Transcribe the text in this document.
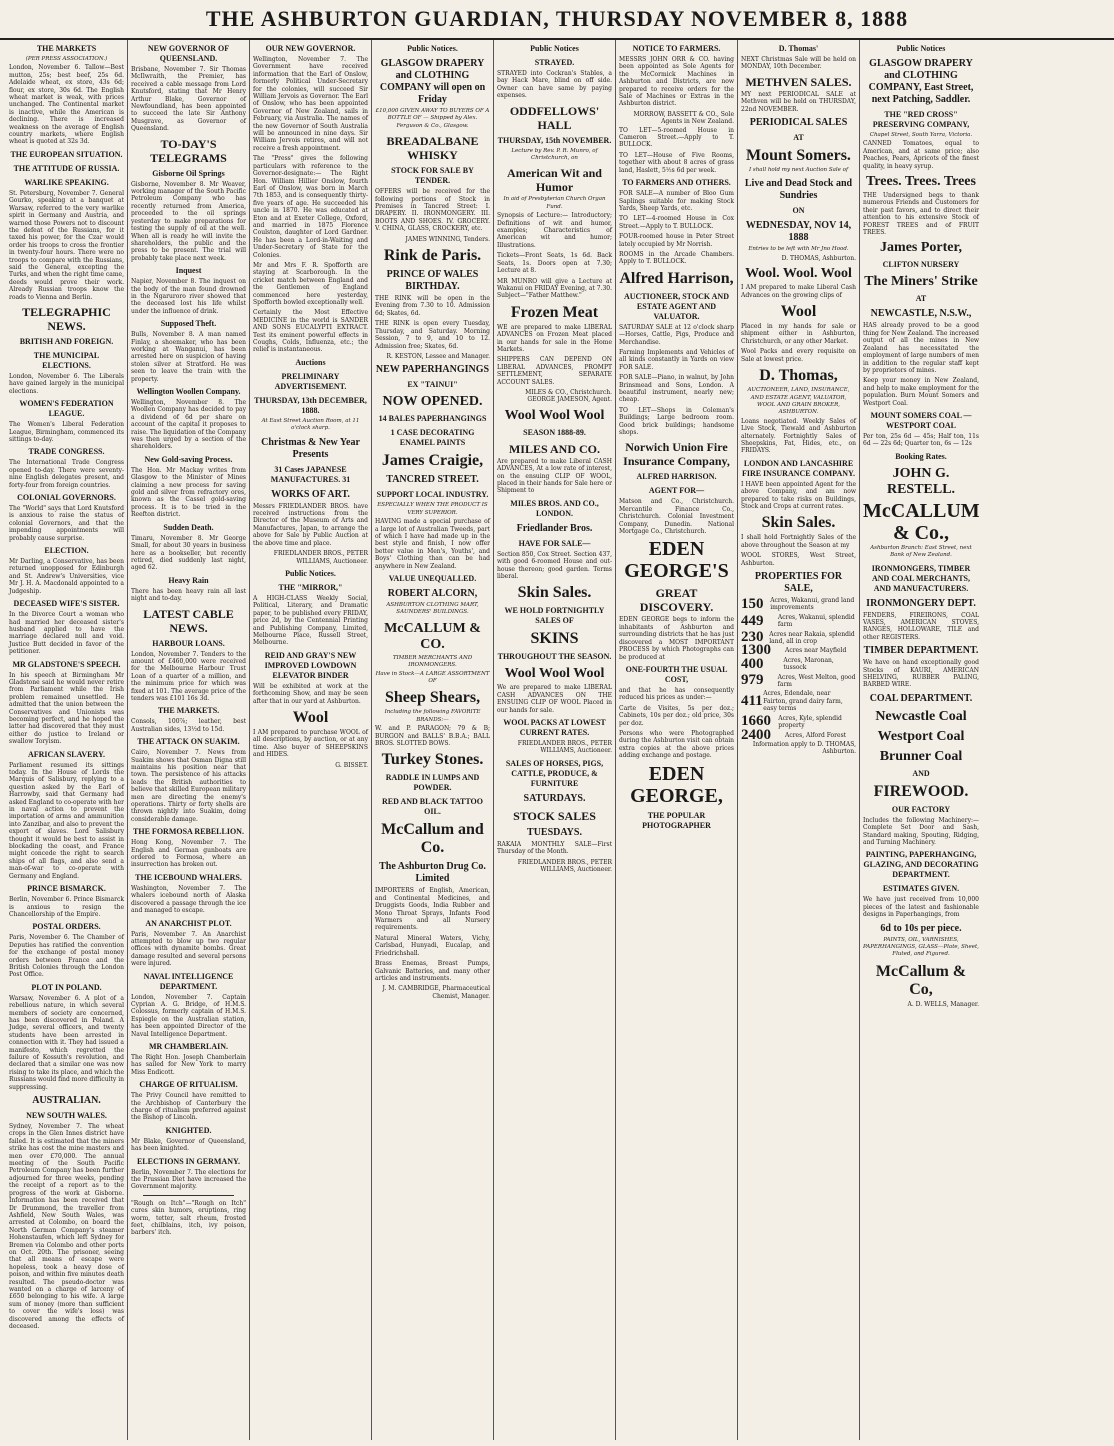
THE ASHBURTON GUARDIAN, THURSDAY NOVEMBER 8, 1888
THE MARKETS
(PER PRESS ASSOCIATION.)
London, November 6. Tallow—Best mutton, 25s; best beef, 25s 6d. Adelaide wheat, ex store, 43s 6d; flour, ex store, 30s 6d. The English wheat market is weak, with prices unchanged. The Continental market is inactive, while the American is declining. There is increased weakness on the average of English country markets, where English wheat is quoted at 32s 3d.
THE EUROPEAN SITUATION.
THE ATTITUDE OF RUSSIA.
WARLIKE SPEAKING.
St. Petersburg, November 7. General Gourko, speaking at a banquet at Warsaw, referred to the very warlike spirit in Germany and Austria, and warned those Powers not to discount the defeat of the Russians, for it taxed his power, for the Czar would order his troops to cross the frontier in twenty-four hours. There were no troops to compare with the Russians, said the General, excepting the Turks, and when the right time came, deeds would prove their work. Already Russian troops know the roads to Vienna and Berlin.
TELEGRAPHIC NEWS.
BRITISH AND FOREIGN.
THE MUNICIPAL ELECTIONS.
London, November 6. The Liberals have gained largely in the municipal elections.
WOMEN'S FEDERATION LEAGUE.
The Women's Liberal Federation League, Birmingham, commenced its sittings to-day.
TRADE CONGRESS.
The International Trade Congress opened to-day. There were seventy-nine English delegates present, and forty-four from foreign countries.
COLONIAL GOVERNORS.
The "World" says that Lord Knutsford is anxious to raise the status of colonial Governors, and that the impending appointments will probably cause surprise.
ELECTION.
Mr Darling, a Conservative, has been returned unopposed for Edinburgh and St. Andrew's Universities, vice Mr J. H. A. Macdonald appointed to a Judgeship.
DECEASED WIFE'S SISTER.
In the Divorce Court a woman who had married her deceased sister's husband applied to have the marriage declared null and void. Justice Butt decided in favor of the petitioner.
MR GLADSTONE'S SPEECH.
In his speech at Birmingham Mr Gladstone said he would never retire from Parliament while the Irish problem remained unsettled. He admitted that the union between the Conservatives and Unionists was becoming perfect, and he hoped the latter had discovered that they must either do justice to Ireland or swallow Toryism.
AFRICAN SLAVERY.
Parliament resumed its sittings today. In the House of Lords the Marquis of Salisbury, replying to a question asked by the Earl of Harrowby, said that Germany had asked England to co-operate with her in naval action to prevent the importation of arms and ammunition into Zanzibar, and also to prevent the export of slaves. Lord Salisbury thought it would be best to assist in blockading the coast, and France might concede the right to search ships of all flags, and also send a man-of-war to co-operate with Germany and England.
PRINCE BISMARCK.
Berlin, November 6. Prince Bismarck is anxious to resign the Chancellorship of the Empire.
POSTAL ORDERS.
Paris, November 6. The Chamber of Deputies has ratified the convention for the exchange of postal money orders between France and the British Colonies through the London Post Office.
PLOT IN POLAND.
Warsaw, November 6. A plot of a rebellious nature, in which several members of society are concerned, has been discovered in Poland. A Judge, several officers, and twenty students have been arrested in connection with it. They had issued a manifesto, which regretted the failure of Kossuth's revolution, and declared that a similar one was now rising to take its place, and which the Russians would find more difficulty in suppressing.
AUSTRALIAN.
NEW SOUTH WALES.
Sydney, November 7. The wheat crops in the Glen Innes district have failed. It is estimated that the miners strike has cost the mine masters and men over £70,000. The annual meeting of the South Pacific Petroleum Company has been further adjourned for three weeks, pending the receipt of a report as to the progress of the work at Gisborne. Information has been received that Dr Drummond, the traveller from Ashfield, New South Wales, was arrested at Colombo, on board the North German Company's steamer Hohenstaufen, which left Sydney for Bremen via Colombo and other ports on Oct. 20th. The prisoner, seeing that all means of escape were hopeless, took a heavy dose of poison, and within five minutes death resulted. The pseudo-doctor was wanted on a charge of larceny of £650 belonging to his wife. A large sum of money (more than sufficient to cover the wife's loss) was discovered among the effects of deceased.
NEW GOVERNOR OF QUEENSLAND.
Brisbane, November 7. Sir Thomas McIlwraith, the Premier, has received a cable message from Lord Knutsford, stating that Mr Henry Arthur Blake, Governor of Newfoundland, has been appointed to succeed the late Sir Anthony Musgrave, as Governor of Queensland.
TO-DAY'S TELEGRAMS
Gisborne Oil Springs
Gisborne, November 8. Mr Weaver, working manager of the South Pacific Petroleum Company who has recently returned from America, proceeded to the oil springs yesterday to make preparations for testing the supply of oil at the well. When all is ready he will invite the shareholders, the public and the press to be present. The trial will probably take place next week.
Inquest
Napier, November 8. The inquest on the body of the man found drowned in the Ngaruroro river showed that the deceased lost his life whilst under the influence of drink.
Supposed Theft.
Bulls, November 8. A man named Finlay, a shoemaker, who has been working at Wanganui, has been arrested here on suspicion of having stolen silver at Stratford. He was seen to leave the train with the property.
Wellington Woollen Company.
Wellington, November 8. The Woollen Company has decided to pay a dividend of 6d per share on account of the capital it proposes to raise. The liquidation of the Company was then urged by a section of the shareholders.
New Gold-saving Process.
The Hon. Mr Mackay writes from Glasgow to the Minister of Mines claiming a new process for saving gold and silver from refractory ores, known as the Cassel gold-saving process. It is to be tried in the Reefton district.
Sudden Death.
Timaru, November 8. Mr George Small, for about 30 years in business here as a bookseller, but recently retired, died suddenly last night, aged 62.
Heavy Rain
There has been heavy rain all last night and to-day.
LATEST CABLE NEWS.
HARBOUR LOANS.
London, November 7. Tenders to the amount of £460,000 were received for the Melbourne Harbour Trust Loan of a quarter of a million, and the minimum price for which was fixed at 101. The average price of the tenders was £101 16s 3d.
THE MARKETS.
Consols, 100⅞; leather, best Australian sides, 13½d to 15d.
THE ATTACK ON SUAKIM.
Cairo, November 7. News from Suakim shows that Osman Digna still maintains his position near that town. The persistence of his attacks leads the British authorities to believe that skilled European military men are directing the enemy's operations. Thirty or forty shells are thrown nightly into Suakim, doing considerable damage.
THE FORMOSA REBELLION.
Hong Kong, November 7. The English and German gunboats are ordered to Formosa, where an insurrection has broken out.
THE ICEBOUND WHALERS.
Washington, November 7. The whalers icebound north of Alaska discovered a passage through the ice and managed to escape.
AN ANARCHIST PLOT.
Paris, November 7. An Anarchist attempted to blow up two regular offices with dynamite bombs. Great damage resulted and several persons were injured.
NAVAL INTELLIGENCE DEPARTMENT.
London, November 7. Captain Cyprian A. G. Bridge, of H.M.S. Colossus, formerly captain of H.M.S. Espiegle on the Australian station, has been appointed Director of the Naval Intelligence Department.
MR CHAMBERLAIN.
The Right Hon. Joseph Chamberlain has sailed for New York to marry Miss Endicott.
CHARGE OF RITUALISM.
The Privy Council have remitted to the Archbishop of Canterbury the charge of ritualism preferred against the Bishop of Lincoln.
KNIGHTED.
Mr Blake, Governor of Queensland, has been knighted.
ELECTIONS IN GERMANY.
Berlin, November 7. The elections for the Prussian Diet have increased the Government majority.
"Rough on Itch"—"Rough on Itch" cures skin humors, eruptions, ring worm, tetter, salt rheum, frosted feet, chilblains, itch, ivy poison, barbers' itch.
OUR NEW GOVERNOR.
Wellington, November 7. The Government have received information that the Earl of Onslow, formerly Political Under-Secretary for the colonies, will succeed Sir William Jervois as Governor. The Earl of Onslow, who has been appointed Governor of New Zealand, sails in February, via Australia. The names of the new Governor of South Australia will be announced in nine days. Sir William Jervois retires, and will not receive a fresh appointment.
The "Press" gives the following particulars with reference to the Governor-designate:— The Right Hon. William Hillier Onslow, fourth Earl of Onslow, was born in March 7th 1853, and is consequently thirty-five years of age. He succeeded his uncle in 1870. He was educated at Eton and at Exeter College, Oxford, and married in 1875 Florence Coulston, daughter of Lord Gardner. He has been a Lord-in-Waiting and Under-Secretary of State for the Colonies.
Mr and Mrs F. R. Spofforth are staying at Scarborough. In the cricket match between England and the Gentlemen of England commenced here yesterday, Spofforth bowled exceptionally well.
Certainly the Most Effective MEDICINE in the world is SANDER AND SONS EUCALYPTI EXTRACT. Test its eminent powerful effects in Coughs, Colds, Influenza, etc.; the relief is instantaneous.
Auctions
PRELIMINARY ADVERTISEMENT.
THURSDAY, 13th DECEMBER, 1888.
At East Street Auction Room, at 11 o'clock sharp.
Christmas & New Year Presents
31 Cases JAPANESE MANUFACTURES. 31
WORKS OF ART.
Messrs FRIEDLANDER BROS. have received instructions from the Director of the Museum of Arts and Manufactures, Japan, to arrange the above for Sale by Public Auction at the above time and place.
FRIEDLANDER BROS., PETER WILLIAMS, Auctioneer.
Public Notices.
THE "MIRROR,"
A HIGH-CLASS Weekly Social, Political, Literary, and Dramatic paper, to be published every FRIDAY, price 2d, by the Centennial Printing and Publishing Company, Limited, Melbourne Place, Russell Street, Melbourne.
REID AND GRAY'S NEW IMPROVED LOWDOWN ELEVATOR BINDER
Will be exhibited at work at the forthcoming Show, and may be seen after that in our yard at Ashburton.
Wool
I AM prepared to purchase WOOL of all descriptions, by auction, or at any time. Also buyer of SHEEPSKINS and HIDES.
G. BISSET.
Public Notices.
GLASGOW DRAPERY and CLOTHING COMPANY will open on Friday
£10,000 GIVEN AWAY TO BUYERS OF A BOTTLE OF — Shipped by Alex. Ferguson & Co., Glasgow.
BREADALBANE WHISKY
STOCK FOR SALE BY TENDER.
OFFERS will be received for the following portions of Stock in Premises in Tancred Street: I. DRAPERY. II. IRONMONGERY. III. BOOTS AND SHOES. IV. GROCERY. V. CHINA, GLASS, CROCKERY, etc.
JAMES WINNING, Tenders.
Rink de Paris.
PRINCE OF WALES BIRTHDAY.
THE RINK will be open in the Evening from 7.30 to 10. Admission 6d; Skates, 6d.
THE RINK is open every Tuesday, Thursday, and Saturday. Morning Session, 7 to 9, and 10 to 12. Admission free; Skates, 6d.
R. KESTON, Lessee and Manager.
NEW PAPERHANGINGS
EX "TAINUI"
NOW OPENED.
14 BALES PAPERHANGINGS
1 CASE DECORATING ENAMEL PAINTS
James Craigie,
TANCRED STREET.
SUPPORT LOCAL INDUSTRY.
ESPECIALLY WHEN THE PRODUCT IS VERY SUPERIOR.
HAVING made a special purchase of a large lot of Australian Tweeds, part of which I have had made up in the best style and finish, I now offer better value in Men's, Youths', and Boys' Clothing than can be had anywhere in New Zealand.
VALUE UNEQUALLED.
ROBERT ALCORN,
ASHBURTON CLOTHING MART, SAUNDERS' BUILDINGS.
McCALLUM & CO.
TIMBER MERCHANTS AND IRONMONGERS.
Have in Stock—A LARGE ASSORTMENT OF
Sheep Shears,
Including the following FAVORITE BRANDS:—
W. and P. PARAGON; 79 & B; BURGON and BALLS' B.B.A.; BALL BROS. SLOTTED BOWS.
Turkey Stones.
RADDLE IN LUMPS AND POWDER.
RED AND BLACK TATTOO OIL.
McCallum and Co.
The Ashburton Drug Co. Limited
IMPORTERS of English, American, and Continental Medicines, and Druggists Goods, India Rubber and Mono Throat Sprays, Infants Food Warmers and all Nursery requirements.
Natural Mineral Waters, Vichy, Carlsbad, Hunyadi, Eucalap, and Friedrichshall.
Brass Enemas, Breast Pumps, Galvanic Batteries, and many other articles and instruments.
J. M. CAMBRIDGE, Pharmaceutical Chemist, Manager.
Public Notices
STRAYED.
STRAYED into Cockran's Stables, a bay Hack Mare, blind on off side. Owner can have same by paying expenses.
ODDFELLOWS' HALL
THURSDAY, 15th NOVEMBER.
Lecture by Rev. P. R. Munro, of Christchurch, on
American Wit and Humor
In aid of Presbyterian Church Organ Fund.
Synopsis of Lecture:— Introductory; Definitions of wit and humor, examples; Characteristics of American wit and humor; Illustrations.
Tickets—Front Seats, 1s 6d. Back Seats, 1s. Doors open at 7.30; Lecture at 8.
MR MUNRO will give a Lecture at Wakanui on FRIDAY Evening, at 7.30. Subject—"Father Matthew."
Frozen Meat
WE are prepared to make LIBERAL ADVANCES on Frozen Meat placed in our hands for sale in the Home Markets.
SHIPPERS CAN DEPEND ON LIBERAL ADVANCES, PROMPT SETTLEMENT, SEPARATE ACCOUNT SALES.
MILES & CO., Christchurch. GEORGE JAMESON, Agent.
Wool Wool Wool
SEASON 1888-89.
MILES AND CO.
Are prepared to make Liberal CASH ADVANCES, At a low rate of interest, on the ensuing CLIP OF WOOL, placed in their hands for Sale here or Shipment to
MILES BROS. AND CO., LONDON.
Friedlander Bros.
HAVE FOR SALE—
Section 850, Cox Street. Section 437, with good 6-roomed House and out-house thereon; good garden. Terms liberal.
Skin Sales.
WE HOLD FORTNIGHTLY SALES OF
SKINS
THROUGHOUT THE SEASON.
Wool Wool Wool
We are prepared to make LIBERAL CASH ADVANCES ON THE ENSUING CLIP OF WOOL Placed in our hands for sale.
WOOL PACKS AT LOWEST CURRENT RATES.
FRIEDLANDER BROS., PETER WILLIAMS, Auctioneer.
SALES OF HORSES, PIGS, CATTLE, PRODUCE, & FURNITURE
SATURDAYS.
STOCK SALES
TUESDAYS.
RAKAIA MONTHLY SALE—First Thursday of the Month.
FRIEDLANDER BROS., PETER WILLIAMS, Auctioneer.
NOTICE TO FARMERS.
MESSRS JOHN ORR & CO. having been appointed as Sole Agents for the McCormick Machines in Ashburton and Districts, are now prepared to receive orders for the Sale of Machines or Extras in the Ashburton district.
MORROW, BASSETT & CO., Sole Agents in New Zealand.
TO LET—5-roomed House in Cameron Street.—Apply to T. BULLOCK.
TO LET—House of Five Rooms, together with about 8 acres of grass land, Haslett, 5½s 6d per week.
TO FARMERS AND OTHERS.
FOR SALE—A number of Bloo Gum Saplings suitable for making Stock Yards, Sheep Yards, etc.
TO LET—4-roomed House in Cox Street.—Apply to T. BULLOCK.
FOUR-roomed house in Peter Street lately occupied by Mr Norrish.
ROOMS in the Arcade Chambers. Apply to T. BULLOCK.
Alfred Harrison,
AUCTIONEER, STOCK AND ESTATE AGENT AND VALUATOR.
SATURDAY SALE at 12 o'clock sharp—Horses, Cattle, Pigs, Produce and Merchandise.
Farming Implements and Vehicles of all kinds constantly in Yards on view FOR SALE.
FOR SALE—Piano, in walnut, by John Brinsmead and Sons, London. A beautiful instrument, nearly new; cheap.
TO LET—Shops in Coleman's Buildings; Large bedroom room. Good brick buildings; handsome shops.
Norwich Union Fire Insurance Company,
ALFRED HARRISON.
AGENT FOR—
Matson and Co., Christchurch. Mercantile Finance Co., Christchurch. Colonial Investment Company, Dunedin. National Mortgage Co., Christchurch.
EDEN GEORGE'S
GREAT DISCOVERY.
EDEN GEORGE begs to inform the inhabitants of Ashburton and surrounding districts that he has just discovered a MOST IMPORTANT PROCESS by which Photographs can be produced at
ONE-FOURTH THE USUAL COST,
and that he has consequently reduced his prices as under:—
Carte de Visites, 5s per doz.; Cabinets, 10s per doz.; old price, 30s per doz.
Persons who were Photographed during the Ashburton visit can obtain extra copies at the above prices adding exchange and postage.
EDEN GEORGE,
THE POPULAR PHOTOGRAPHER
D. Thomas'
NEXT Christmas Sale will be held on MONDAY, 10th December.
METHVEN SALES.
MY next PERIODICAL SALE at Methven will be held on THURSDAY, 22nd NOVEMBER.
PERIODICAL SALES
AT
Mount Somers.
I shall hold my next Auction Sale of
Live and Dead Stock and Sundries
ON
WEDNESDAY, NOV 14, 1888
Entries to be left with Mr Jno Hood.
D. THOMAS, Ashburton.
Wool. Wool. Wool
I AM prepared to make Liberal Cash Advances on the growing clips of
Wool
Placed in my hands for sale or shipment either in Ashburton, Christchurch, or any other Market.
Wool Packs and every requisite on Sale at lowest price.
D. Thomas,
AUCTIONEER, LAND, INSURANCE, AND ESTATE AGENT, VALUATOR, WOOL AND GRAIN BROKER, ASHBURTON.
Loans negotiated. Weekly Sales of Live Stock, Tiewald and Ashburton alternately. Fortnightly Sales of Sheepskins, Fat, Hides, etc., on FRIDAYS.
LONDON AND LANCASHIRE FIRE INSURANCE COMPANY.
I HAVE been appointed Agent for the above Company, and am now prepared to take risks on Buildings, Stock and Crops at current rates.
Skin Sales.
I shall hold Fortnightly Sales of the above throughout the Season at my
WOOL STORES, West Street, Ashburton.
PROPERTIES FOR SALE,
150	Acres, Wakanui, grand land improvements
449	Acres, Wakanui, splendid farm
230 Acres near Rakaia, splendid land, all in crop
1300	Acres near Mayfield
400	Acres, Maronan, tussock
979	Acres, West Melton, good farm
411 Acres, Edendale, near Fairton, grand dairy farm, easy terms
1660	Acres, Kyle, splendid property
2400	Acres, Alford Forest
Information apply to D. THOMAS, Ashburton.
Public Notices
GLASGOW DRAPERY and CLOTHING COMPANY, East Street, next Patching, Saddler.
THE "RED CROSS" PRESERVING COMPANY,
Chapel Street, South Yarra, Victoria.
CANNED Tomatoes, equal to American, and at same price; also Peaches, Pears, Apricots of the finest quality, in heavy syrup.
Trees. Trees. Trees
THE Undersigned begs to thank numerous Friends and Customers for their past favors, and to direct their attention to his extensive Stock of FOREST TREES and of FRUIT TREES.
James Porter,
CLIFTON NURSERY
The Miners' Strike
AT
NEWCASTLE, N.S.W.,
HAS already proved to be a good thing for New Zealand. The increased output of all the mines in New Zealand has necessitated the employment of large numbers of men in addition to the regular staff kept by proprietors of mines.
Keep your money in New Zealand, and help to make employment for the population. Burn Mount Somers and Westport Coal.
MOUNT SOMERS COAL — WESTPORT COAL
Per ton, 25s 6d — 45s; Half ton, 11s 6d — 22s 6d; Quarter ton, 6s — 12s
Booking Rates.
JOHN G. RESTELL.
McCALLUM & Co.,
Ashburton Branch: East Street, next Bank of New Zealand.
IRONMONGERS, TIMBER AND COAL MERCHANTS, AND MANUFACTURERS.
IRONMONGERY DEPT.
FENDERS, FIREIRONS, COAL VASES, AMERICAN STOVES, RANGES, HOLLOWARE, TILE and other REGISTERS.
TIMBER DEPARTMENT.
We have on hand exceptionally good Stocks of KAURI, AMERICAN SHELVING, RUBBER PALING, BARBED WIRE.
COAL DEPARTMENT.
Newcastle Coal
Westport Coal
Brunner Coal
AND
FIREWOOD.
OUR FACTORY
Includes the following Machinery:— Complete Set Door and Sash, Standard making, Spouting, Ridging, and Turning Machinery.
PAINTING, PAPERHANGING, GLAZING, AND DECORATING DEPARTMENT.
ESTIMATES GIVEN.
We have just received from 10,000 pieces of the latest and fashionable designs in Paperhangings, from
6d to 10s per piece.
PAINTS, OIL, VARNISHES, PAPERHANGINGS, GLASS—Plate, Sheet, Fluted, and Figured.
McCallum & Co,
A. D. WELLS, Manager.
